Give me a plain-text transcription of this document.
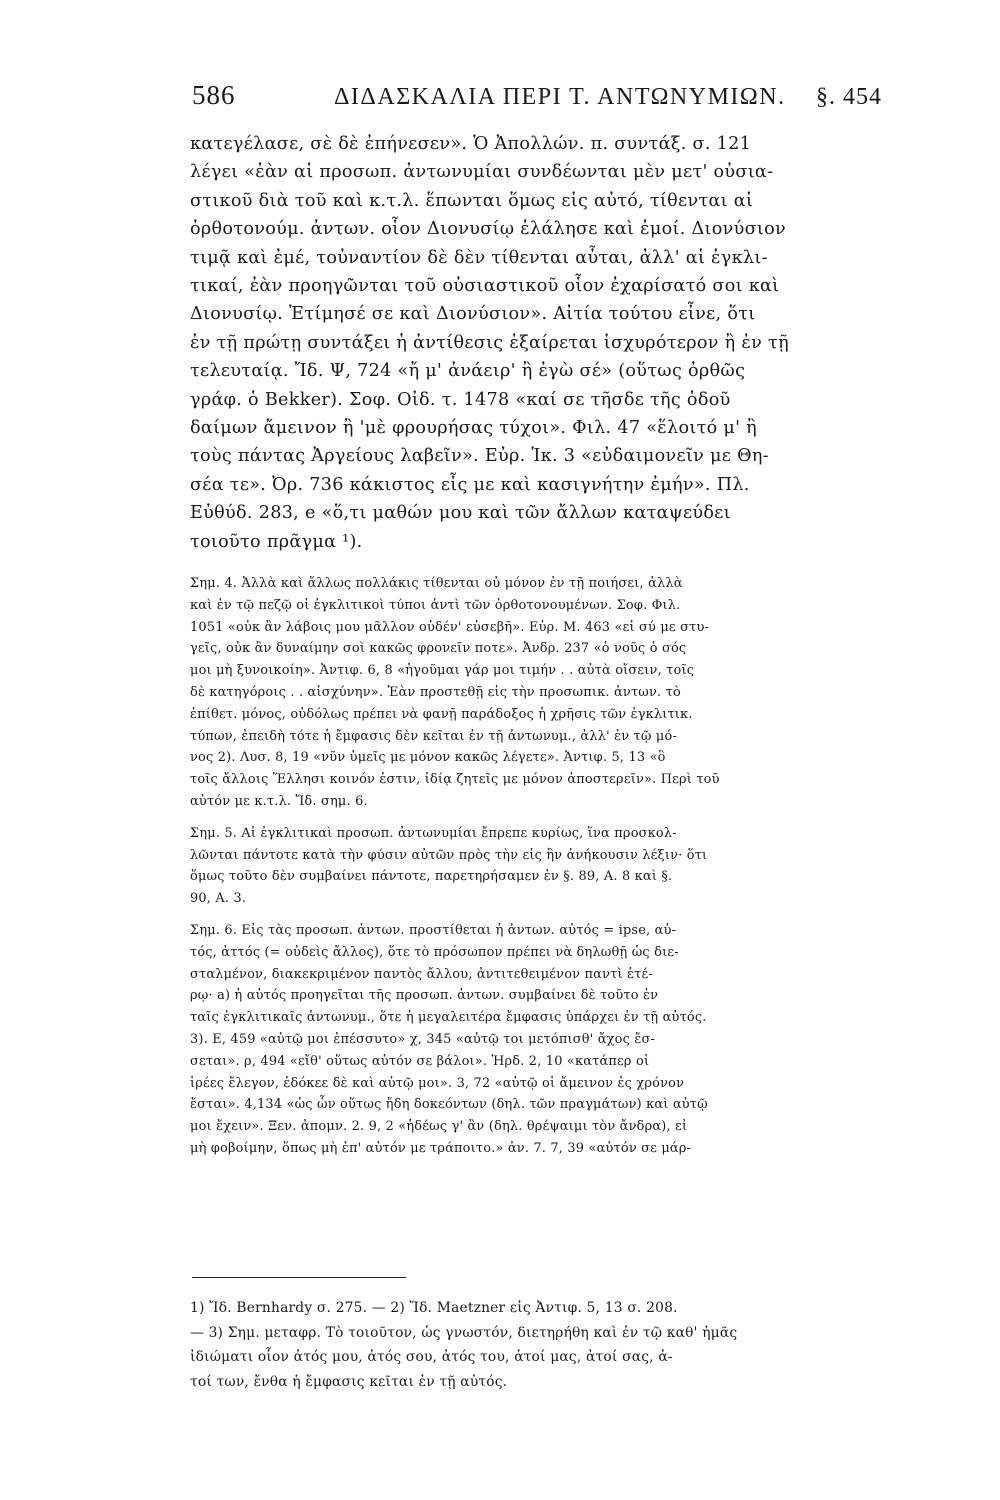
586	ΔΙΔΑΣΚΑΛΙΑ ΠΕΡΙ Τ. ΑΝΤΩΝΥΜΙΩΝ. §. 454
κατεγέλασε, σὲ δὲ ἐπήνεσεν». Ὁ Ἀπολλών. π. συντάξ. σ. 121
λέγει «ἐὰν αἱ προσωπ. ἀντωνυμίαι συνδέωνται μὲν μετ' οὐσια-
στικοῦ διὰ τοῦ καὶ κ.τ.λ. ἕπωνται ὅμως εἰς αὐτό, τίθενται αἱ
ὀρθοτονούμ. ἀντων. οἷον Διονυσίῳ ἐλάλησε καὶ ἐμοί. Διονύσιον
τιμᾷ καὶ ἐμέ, τοὐναντίον δὲ δὲν τίθενται αὗται, ἀλλ' αἱ ἐγκλι-
τικαί, ἐὰν προηγῶνται τοῦ οὐσιαστικοῦ οἷον ἐχαρίσατό σοι καὶ
Διονυσίῳ. Ἐτίμησέ σε καὶ Διονύσιον». Αἰτία τούτου εἶνε, ὅτι
ἐν τῇ πρώτῃ συντάξει ἡ ἀντίθεσις ἐξαίρεται ἰσχυρότερον ἢ ἐν τῇ
τελευταίᾳ. Ἴδ. Ψ, 724 «ἤ μ' ἀνάειρ' ἢ ἐγὼ σέ» (οὕτως ὀρθῶς
γράφ. ὁ Bekker). Σοφ. Οἰδ. τ. 1478 «καί σε τῆσδε τῆς ὁδοῦ
δαίμων ἄμεινον ἢ 'μὲ φρουρήσας τύχοι». Φιλ. 47 «ἕλοιτό μ' ἢ
τοὺς πάντας Ἀργείους λαβεῖν». Εὐρ. Ἱκ. 3 «εὐδαιμονεῖν με Θη-
σέα τε». Ὀρ. 736 κάκιστος εἷς με καὶ κασιγνήτην ἐμήν». Πλ.
Εὐθύδ. 283, e «ὅ,τι μαθών μου καὶ τῶν ἄλλων καταψεύδει
τοιοῦτο πρᾶγμα ¹).
Σημ. 4. Ἀλλὰ καὶ ἄλλως πολλάκις τίθενται οὐ μόνον ἐν τῇ ποιήσει, ἀλλὰ
καὶ ἐν τῷ πεζῷ οἱ ἐγκλιτικοὶ τύποι ἀντὶ τῶν ὀρθοτονουμένων. Σοφ. Φιλ.
1051 «οὐκ ἂν λάβοις μου μᾶλλον οὐδέν' εὐσεβῆ». Εὐρ. Μ. 463 «εἰ σύ με στυ-
γεῖς, οὐκ ἂν δυναίμην σοὶ κακῶς φρονεῖν ποτε». Ἀνδρ. 237 «ὁ νοῦς ὁ σός
μοι μὴ ξυνοικοίη». Ἀντιφ. 6, 8 «ἡγοῦμαι γάρ μοι τιμήν . . αὐτὰ οἴσειν, τοῖς
δὲ κατηγόροις . . αἰσχύνην». Ἐὰν προστεθῇ εἰς τὴν προσωπικ. ἀντων. τὸ
ἐπίθετ. μόνος, οὐδόλως πρέπει νὰ φανῇ παράδοξος ἡ χρῆσις τῶν ἐγκλιτικ.
τύπων, ἐπειδὴ τότε ἡ ἔμφασις δὲν κεῖται ἐν τῇ ἀντωνυμ., ἀλλ' ἐν τῷ μό-
νος 2). Λυσ. 8, 19 «νῦν ὑμεῖς με μόνον κακῶς λέγετε». Ἀντιφ. 5, 13 «ὃ
τοῖς ἄλλοις Ἕλλησι κοινόν ἐστιν, ἰδίᾳ ζητεῖς με μόνον ἀποστερεῖν». Περὶ τοῦ
αὐτόν με κ.τ.λ. Ἴδ. σημ. 6.
Σημ. 5. Αἱ ἐγκλιτικαὶ προσωπ. ἀντωνυμίαι ἔπρεπε κυρίως, ἵνα προσκολ-
λῶνται πάντοτε κατὰ τὴν φύσιν αὐτῶν πρὸς τὴν εἰς ἣν ἀνήκουσιν λέξιν· ὅτι
ὅμως τοῦτο δὲν συμβαίνει πάντοτε, παρετηρήσαμεν ἐν §. 89, Α. 8 καὶ §.
90, Α. 3.
Σημ. 6. Εἰς τὰς προσωπ. ἀντων. προστίθεται ἡ ἀντων. αὐτός = ipse, αὐ-
τός, ἀττός (= οὐδεὶς ἄλλος), ὅτε τὸ πρόσωπον πρέπει νὰ δηλωθῇ ὡς διε-
σταλμένον, διακεκριμένον παντὸς ἄλλου, ἀντιτεθειμένον παντὶ ἑτέ-
ρῳ· a) ἡ αὐτός προηγεῖται τῆς προσωπ. ἀντων. συμβαίνει δὲ τοῦτο ἐν
ταῖς ἐγκλιτικαῖς ἀντωνυμ., ὅτε ἡ μεγαλειτέρα ἔμφασις ὑπάρχει ἐν τῇ αὐτός.
3). Ε, 459 «αὐτῷ μοι ἐπέσσυτο» χ, 345 «αὐτῷ τοι μετόπισθ' ἄχος ἔσ-
σεται». ρ, 494 «εἴθ' οὕτως αὐτόν σε βάλοι». Ἡρδ. 2, 10 «κατάπερ οἱ
ἱρέες ἔλεγον, ἐδόκεε δὲ καὶ αὐτῷ μοι». 3, 72 «αὐτῷ οἱ ἄμεινον ἐς χρόνον
ἔσται». 4,134 «ὡς ὧν οὕτως ἤδη δοκεόντων (δηλ. τῶν πραγμάτων) καὶ αὐτῷ
μοι ἔχειν». Ξεν. ἀπομν. 2. 9, 2 «ἡδέως γ' ἂν (δηλ. θρέψαιμι τὸν ἄνδρα), εἰ
μὴ φοβοίμην, ὅπως μὴ ἐπ' αὐτόν με τράποιτο.» ἀν. 7. 7, 39 «αὐτόν σε μάρ-
1) Ἴδ. Bernhardy σ. 275. — 2) Ἴδ. Maetzner εἰς Ἀντιφ. 5, 13 σ. 208.
— 3) Σημ. μεταφρ. Τὸ τοιοῦτον, ὡς γνωστόν, διετηρήθη καὶ ἐν τῷ καθ' ἡμᾶς
ἰδιώματι οἷον ἀτός μου, ἀτός σου, ἀτός του, ἀτοί μας, ἀτοί σας, ἀ-
τοί των, ἔνθα ἡ ἔμφασις κεῖται ἐν τῇ αὐτός.
